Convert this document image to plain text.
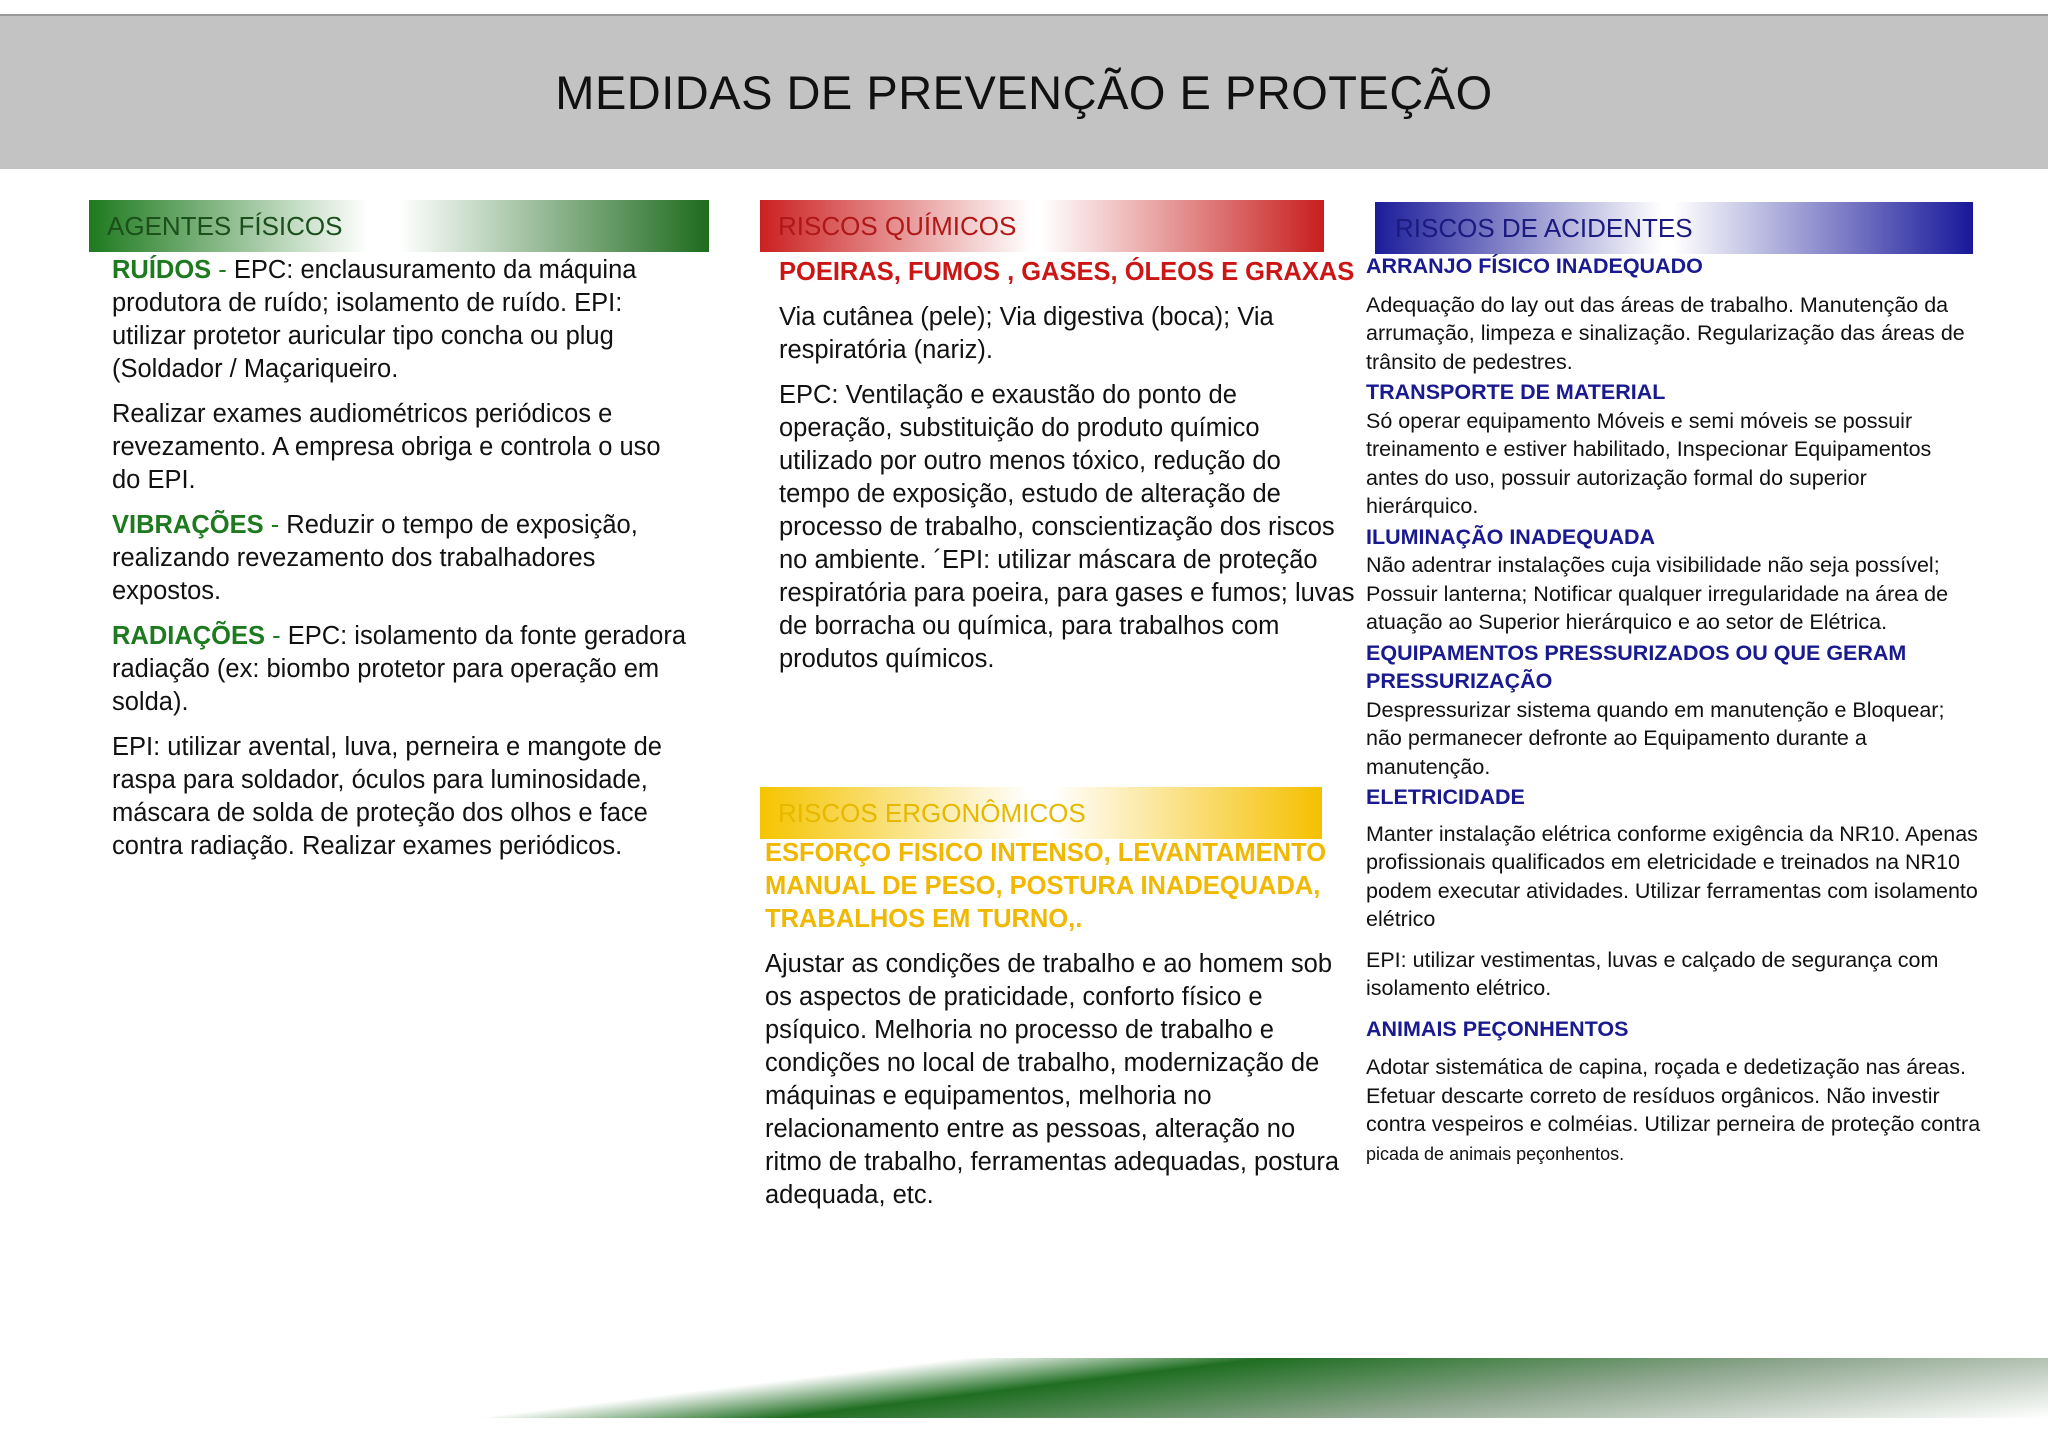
MEDIDAS DE PREVENÇÃO E PROTEÇÃO
AGENTES FÍSICOS

RUÍDOS - EPC: enclausuramento da máquina produtora de ruído; isolamento de ruído. EPI: utilizar protetor auricular tipo concha ou plug (Soldador / Maçariqueiro.

Realizar exames audiométricos periódicos e revezamento. A empresa obriga e controla o uso do EPI.

VIBRAÇÕES - Reduzir o tempo de exposição, realizando revezamento dos trabalhadores expostos.

RADIAÇÕES - EPC: isolamento da fonte geradora radiação (ex: biombo protetor para operação em solda).

EPI: utilizar avental, luva, perneira e mangote de raspa para soldador, óculos para luminosidade, máscara de solda de proteção dos olhos e face contra radiação. Realizar exames periódicos.

RISCOS QUÍMICOS

POEIRAS, FUMOS , GASES, ÓLEOS E GRAXAS

Via cutânea (pele); Via digestiva (boca); Via respiratória (nariz).

EPC: Ventilação e exaustão do ponto de operação, substituição do produto químico utilizado por outro menos tóxico, redução do tempo de exposição, estudo de alteração de processo de trabalho, conscientização dos riscos no ambiente. ´EPI: utilizar máscara de proteção respiratória para poeira, para gases e fumos; luvas de borracha ou química, para trabalhos com produtos químicos.

RISCOS ERGONÔMICOS

ESFORÇO FISICO INTENSO, LEVANTAMENTO MANUAL DE PESO, POSTURA INADEQUADA, TRABALHOS EM TURNO,.

Ajustar as condições de trabalho e ao homem sob os aspectos de praticidade, conforto físico e psíquico. Melhoria no processo de trabalho e condições no local de trabalho, modernização de máquinas e equipamentos, melhoria no relacionamento entre as pessoas, alteração no ritmo de trabalho, ferramentas adequadas, postura adequada, etc.

RISCOS DE ACIDENTES
ARRANJO FÍSICO INADEQUADO

Adequação do lay out das áreas de trabalho. Manutenção da arrumação, limpeza e sinalização. Regularização das áreas de trânsito de pedestres.

TRANSPORTE DE MATERIAL

Só operar equipamento Móveis e semi móveis se possuir treinamento e estiver habilitado, Inspecionar Equipamentos antes do uso, possuir autorização formal do superior hierárquico.

ILUMINAÇÃO INADEQUADA

Não adentrar instalações cuja visibilidade não seja possível; Possuir lanterna; Notificar qualquer irregularidade na área de atuação ao Superior hierárquico e ao setor de Elétrica.

EQUIPAMENTOS PRESSURIZADOS OU QUE GERAM PRESSURIZAÇÃO

Despressurizar sistema quando em manutenção e Bloquear; não permanecer defronte ao Equipamento durante a manutenção.

ELETRICIDADE

Manter instalação elétrica conforme exigência da NR10. Apenas profissionais qualificados em eletricidade e treinados na NR10 podem executar atividades. Utilizar ferramentas com isolamento elétrico

EPI: utilizar vestimentas, luvas e calçado de segurança com isolamento elétrico.

ANIMAIS PEÇONHENTOS

Adotar sistemática de capina, roçada e dedetização nas áreas. Efetuar descarte correto de resíduos orgânicos. Não investir contra vespeiros e colméias. Utilizar perneira de proteção contra picada de animais peçonhentos.
